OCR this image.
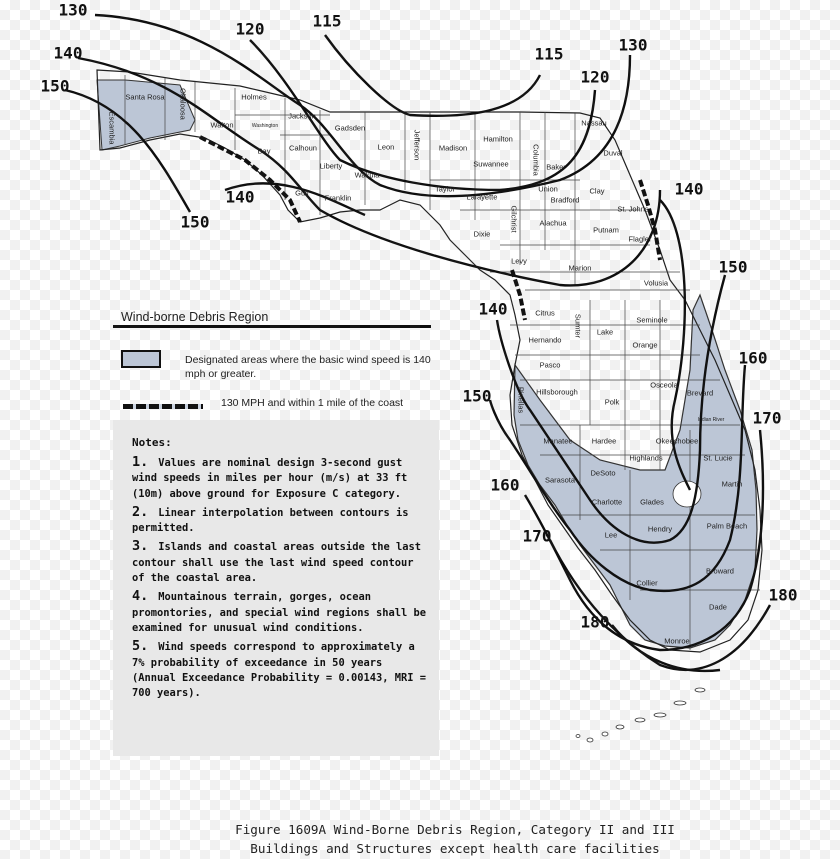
130
140
150
120	115
115	130
120
140
150
140
150
140
160
150
170
160
170
180
180
Santa Rosa Okaloosa
Escambia
Holmes
Walton	Washington
Jackson
Bay Calhoun
Gadsden
Leon Jefferson Madison
Hamilton
Suwannee	Columbia Baker
Nassau
Duval
Liberty
Gulf
Wakula
Franklin
Taylor
Lafayette
Union
Bradford
Clay
St. Johns
Gilchrist	Alachua
Putnam
Dixie
Flagler
Levy
Marion
Volusia
Citrus
Sumter Lake
Seminole
Hernando
Orange
Pasco
Hillsborough
Osceola
Brevard
Pinellas	Polk
Indian River
Manatee	Hardee	Okeechobee
St. Lucie
Highlands
Sarasota
DeSoto
Martin
Charlotte Glades
Palm Beach
Hendry
Lee
Broward
Collier
Dade
Monroe
Wind-borne Debris Region
Designated areas where the basic wind speed is 140 mph or greater.
130 MPH and within 1 mile of the coast
Notes:
1. Values are nominal design 3-second gust wind speeds in miles per hour (m/s) at 33 ft (10m) above ground for Exposure C category.
2. Linear interpolation between contours is permitted.
3. Islands and coastal areas outside the last contour shall use the last wind speed contour of the coastal area.
4. Mountainous terrain, gorges, ocean promontories, and special wind regions shall be examined for unusual wind conditions.
5. Wind speeds correspond to approximately a 7% probability of exceedance in 50 years (Annual Exceedance Probability = 0.00143, MRI = 700 years).
Figure 1609A Wind-Borne Debris Region, Category II and III
Buildings and Structures except health care facilities
